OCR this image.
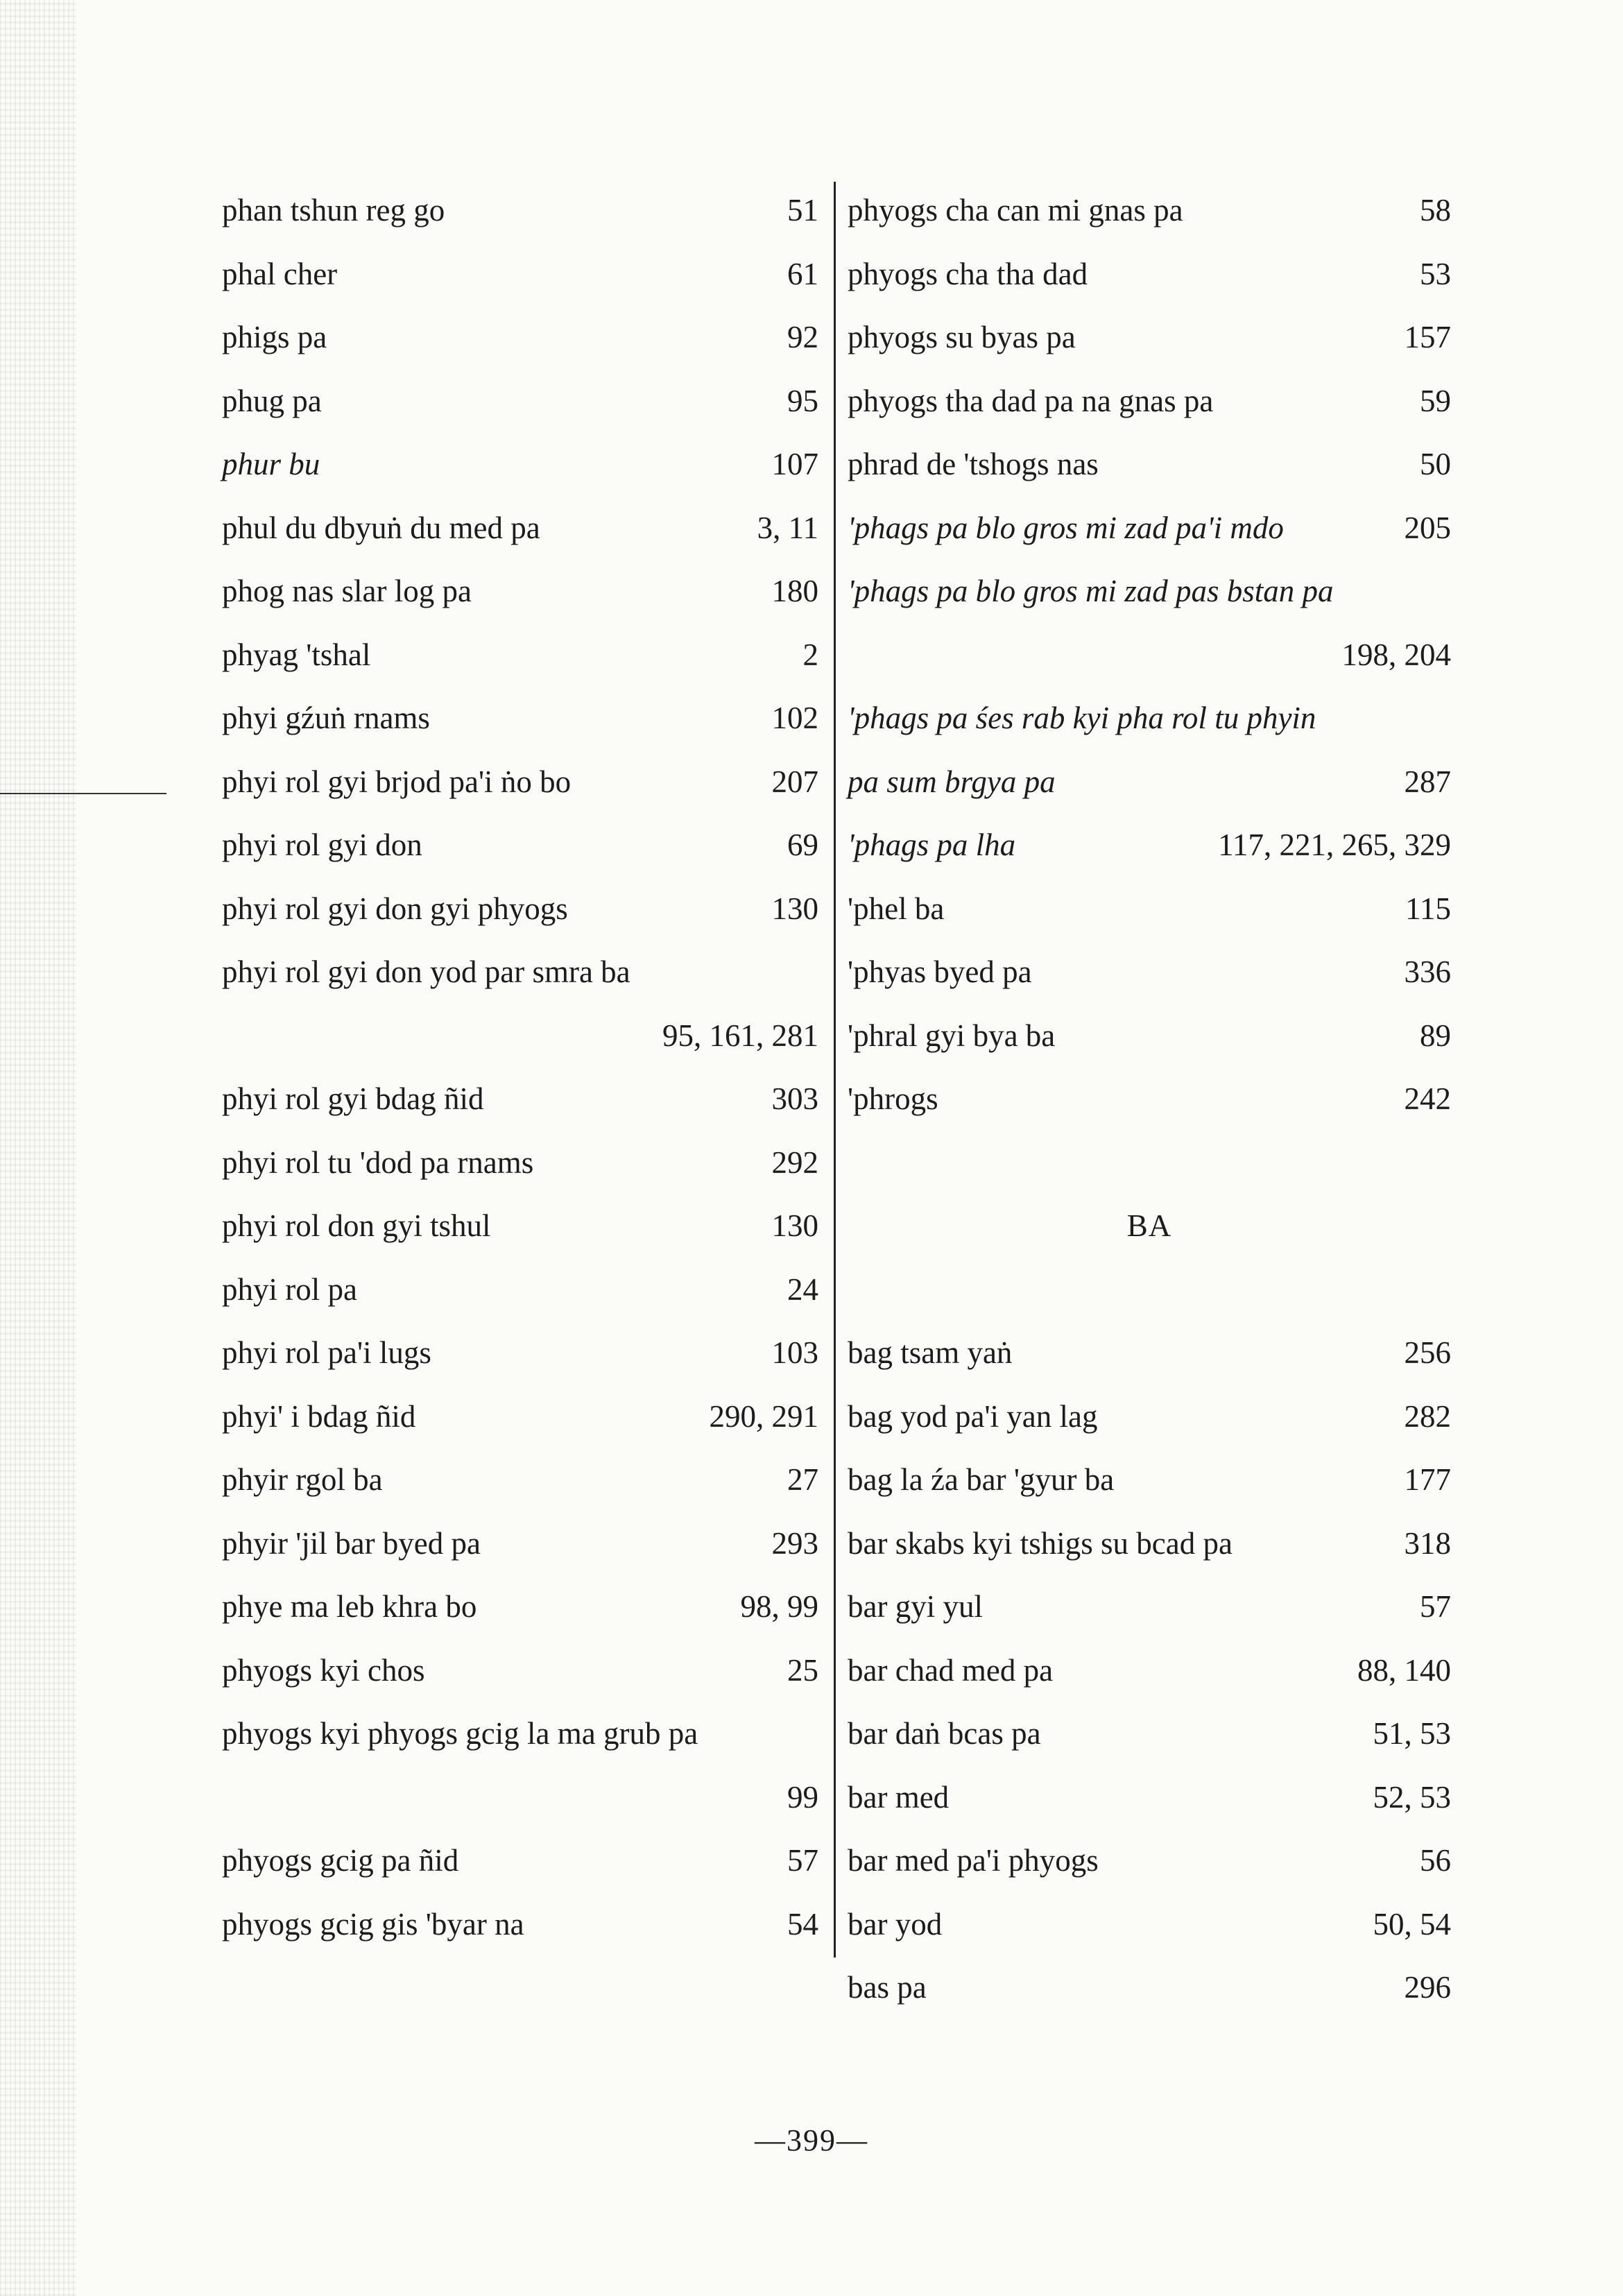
phan tshun reg go	51
phal cher	61
phigs pa	92
phug pa	95
phur bu	107
phul du dbyuṅ du med pa	3, 11
phog nas slar log pa	180
phyag 'tshal	2
phyi gźuṅ rnams	102
phyi rol gyi brjod pa'i ṅo bo	207
phyi rol gyi don	69
phyi rol gyi don gyi phyogs	130
phyi rol gyi don yod par smra ba
95, 161, 281
phyi rol gyi bdag ñid	303
phyi rol tu 'dod pa rnams	292
phyi rol don gyi tshul	130
phyi rol pa	24
phyi rol pa'i lugs	103
phyi' i bdag ñid	290, 291
phyir rgol ba	27
phyir 'jil bar byed pa	293
phye ma leb khra bo	98, 99
phyogs kyi chos	25
phyogs kyi phyogs gcig la ma grub pa
99
phyogs gcig pa ñid	57
phyogs gcig gis 'byar na	54
phyogs cha can mi gnas pa	58
phyogs cha tha dad	53
phyogs su byas pa	157
phyogs tha dad pa na gnas pa	59
phrad de 'tshogs nas	50
'phags pa blo gros mi zad pa'i mdo	205
'phags pa blo gros mi zad pas bstan pa
198, 204
'phags pa śes rab kyi pha rol tu phyin
pa sum brgya pa	287
'phags pa lha	117, 221, 265, 329
'phel ba	115
'phyas byed pa	336
'phral gyi bya ba	89
'phrogs	242
BA
bag tsam yaṅ	256
bag yod pa'i yan lag	282
bag la źa bar 'gyur ba	177
bar skabs kyi tshigs su bcad pa	318
bar gyi yul	57
bar chad med pa	88, 140
bar daṅ bcas pa	51, 53
bar med	52, 53
bar med pa'i phyogs	56
bar yod	50, 54
bas pa	296
—399—
